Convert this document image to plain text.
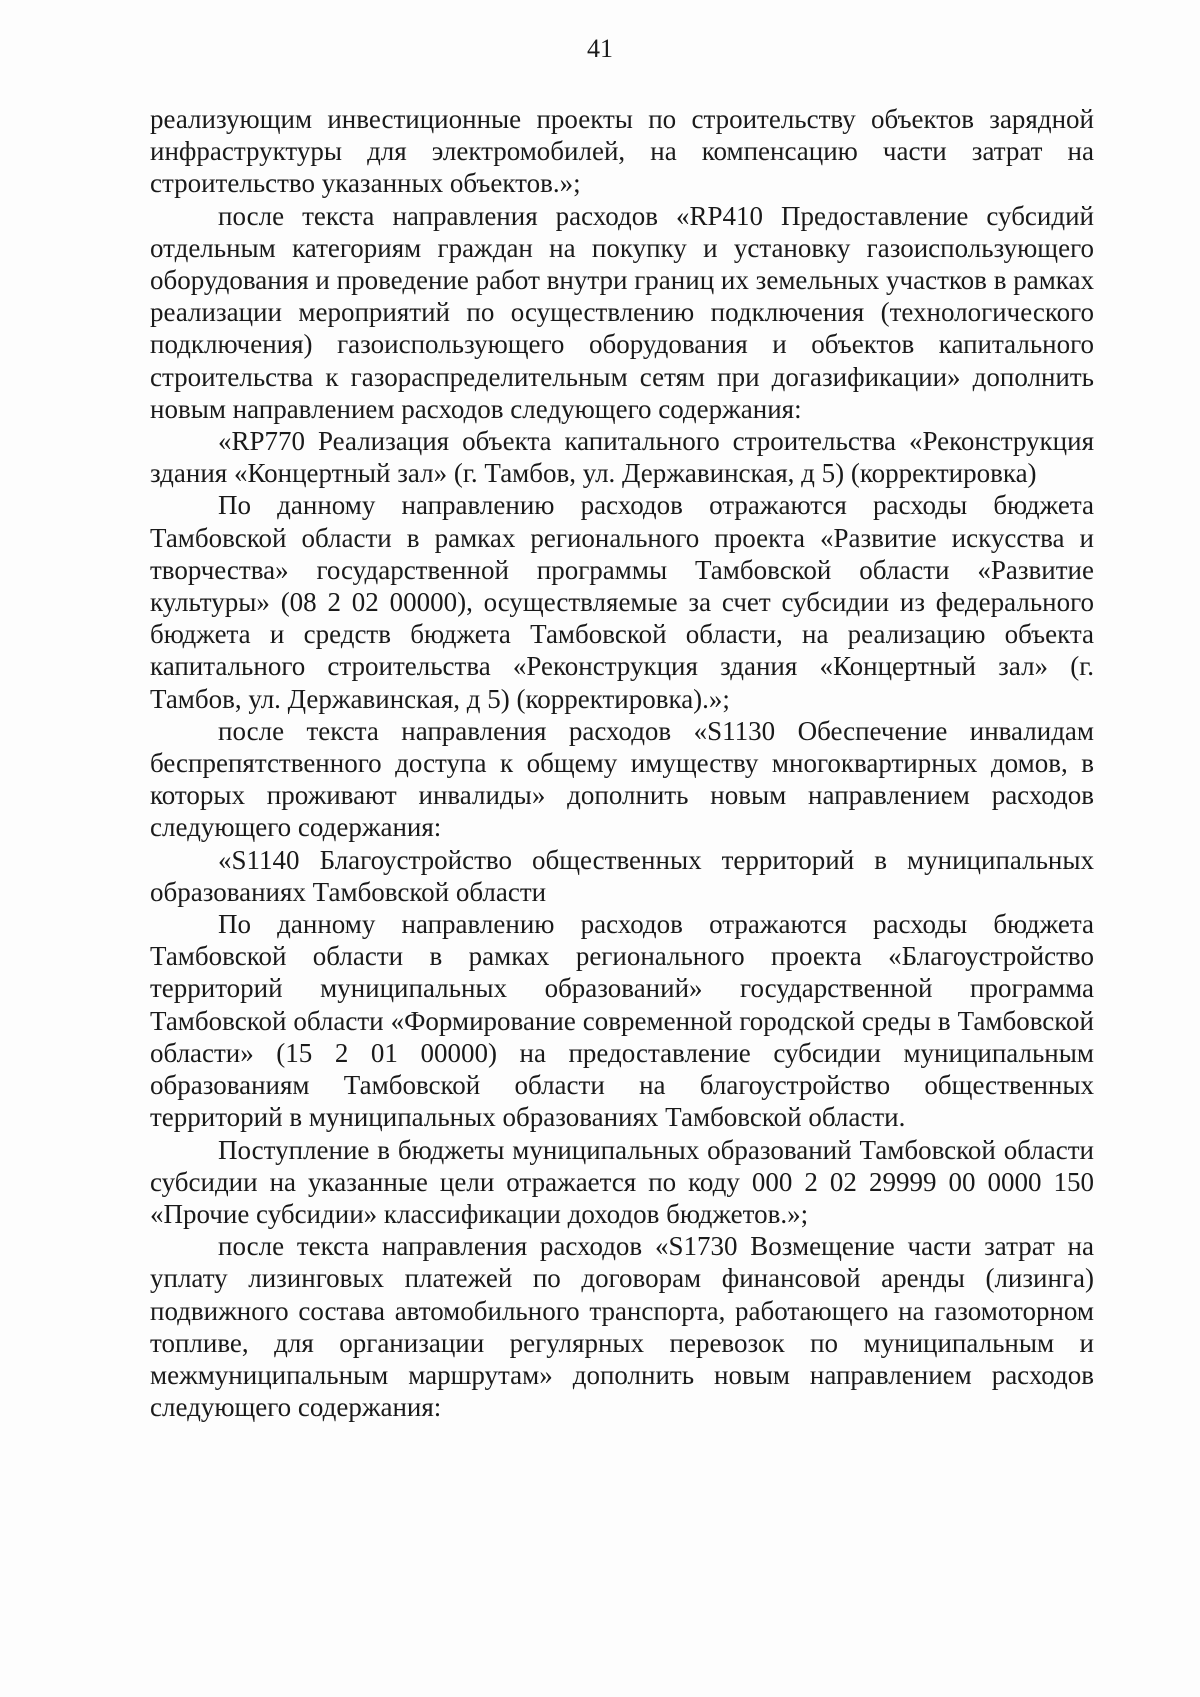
41

реализующим инвестиционные проекты по строительству объектов зарядной инфраструктуры для электромобилей, на компенсацию части затрат на строительство указанных объектов.»;

после текста направления расходов «RP410 Предоставление субсидий отдельным категориям граждан на покупку и установку газоиспользующего оборудования и проведение работ внутри границ их земельных участков в рамках реализации мероприятий по осуществлению подключения (технологического подключения) газоиспользующего оборудования и объектов капитального строительства к газораспределительным сетям при догазификации» дополнить новым направлением расходов следующего содержания:

«RP770 Реализация объекта капитального строительства «Реконструкция здания «Концертный зал» (г. Тамбов, ул. Державинская, д 5) (корректировка)

По данному направлению расходов отражаются расходы бюджета Тамбовской области в рамках регионального проекта «Развитие искусства и творчества» государственной программы Тамбовской области «Развитие культуры» (08 2 02 00000), осуществляемые за счет субсидии из федерального бюджета и средств бюджета Тамбовской области, на реализацию объекта капитального строительства «Реконструкция здания «Концертный зал» (г. Тамбов, ул. Державинская, д 5) (корректировка).»;

после текста направления расходов «S1130 Обеспечение инвалидам беспрепятственного доступа к общему имуществу многоквартирных домов, в которых проживают инвалиды» дополнить новым направлением расходов следующего содержания:

«S1140 Благоустройство общественных территорий в муниципальных образованиях Тамбовской области

По данному направлению расходов отражаются расходы бюджета Тамбовской области в рамках регионального проекта «Благоустройство территорий муниципальных образований» государственной программа Тамбовской области «Формирование современной городской среды в Тамбовской области» (15 2 01 00000) на предоставление субсидии муниципальным образованиям Тамбовской области на благоустройство общественных территорий в муниципальных образованиях Тамбовской области.

Поступление в бюджеты муниципальных образований Тамбовской области субсидии на указанные цели отражается по коду 000 2 02 29999 00 0000 150 «Прочие субсидии» классификации доходов бюджетов.»;

после текста направления расходов «S1730 Возмещение части затрат на уплату лизинговых платежей по договорам финансовой аренды (лизинга) подвижного состава автомобильного транспорта, работающего на газомоторном топливе, для организации регулярных перевозок по муниципальным и межмуниципальным маршрутам» дополнить новым направлением расходов следующего содержания:
